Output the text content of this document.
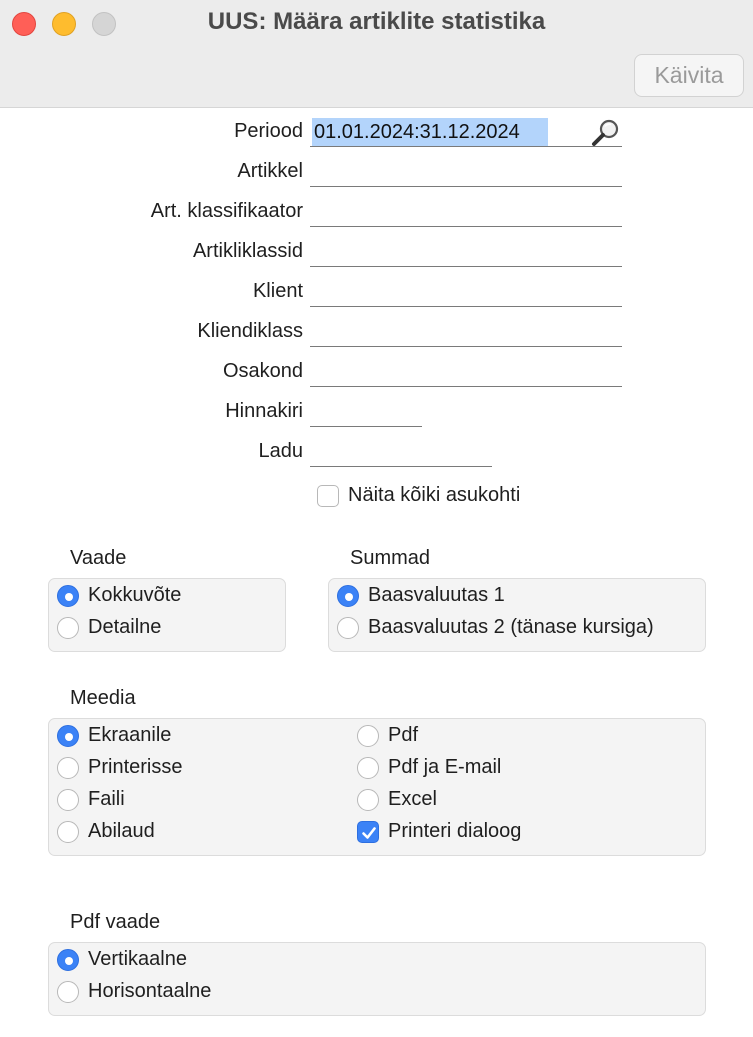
UUS: Määra artiklite statistika
Käivita
Periood 01.01.2024:31.12.2024
Artikkel
Art. klassifikaator
Artikliklassid
Klient
Kliendiklass
Osakond
Hinnakiri
Ladu
Näita kõiki asukohti
Vaade
Kokkuvõte
Detailne
Summad
Baasvaluutas 1
Baasvaluutas 2 (tänase kursiga)
Meedia
Ekraanile
Printerisse
Faili
Abilaud
Pdf
Pdf ja E-mail
Excel
Printeri dialoog
Pdf vaade
Vertikaalne
Horisontaalne
